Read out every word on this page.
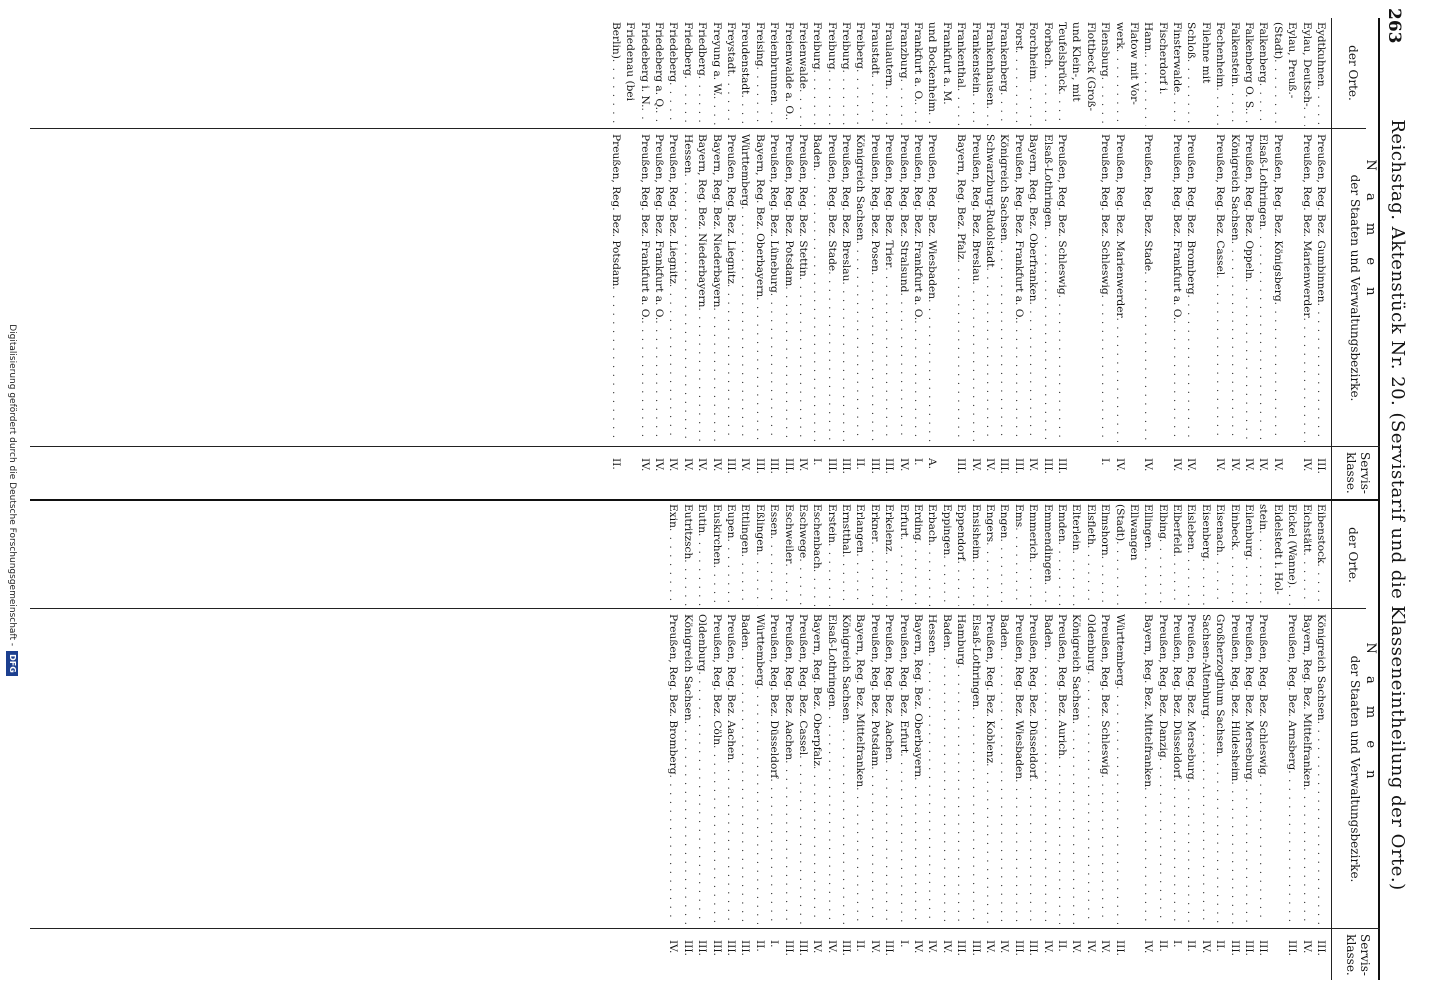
263
Reichstag. Aktenstück Nr. 20. (Servistarif und die Klasseneintheilung der Orte.)
N a m e n
der Orte.
der Staaten und Verwaltungsbezirke.
Servis- klasse.
Eydtkuhnen
. . .
Eylau, Deutsch-
. . .
Eylau, Preuß.-
(Stadt)
. . .
Falkenberg
. . .
Falkenberg O. S.
. . .
Falkenstein
. . .
Fechenheim
. . .
Filehne mit
Schloß
. . .
Finsterwalde
. . .
Fischerdorf i.
Hann.
. . .
Flatow mit Vor-
werk
. . .
Flensburg
. . .
Flottbeck (Groß-
und Klein-, mit
Teufelsbrück
. . .
Forbach
. . .
Forchheim
. . .
Forst
. . .
Frankenberg
. . .
Frankenhausen
. . .
Frankenstein
. . .
Frankenthal
. . .
Frankfurt a. M.
und Bockenheim
. . .
Frankfurt a. O.
. . .
Franzburg
. . .
Fraulautern
. . .
Fraustadt
. . .
Freiberg
. . .
Freiburg
. . .
Freiburg
. . .
Freiburg
. . .
Freienwalde
. . .
Freienwalde a. O.
. . .
Freienbrunnen
. . .
Freising
. . .
Freudenstadt
. . .
Freystadt
. . .
Freyung a. W.
. . .
Friedberg
. . .
Friedberg
. . .
Friedeberg
. . .
Friedeberg a. Q.
. . .
Friedeberg i. N.
. . .
Friedenau (bei
Berlin)
. . .
Preußen, Reg. Bez. Gumbinnen
. . .
Preußen, Reg. Bez. Marienwerder
. . .
Preußen, Reg. Bez. Königsberg
. . .
Elsaß-Lothringen
. . .
Preußen, Reg. Bez. Oppeln
. . .
Königreich Sachsen
. . .
Preußen, Reg. Bez. Cassel
. . .
Preußen, Reg. Bez. Bromberg
. . .
Preußen, Reg. Bez. Frankfurt a. O.
. . .
Preußen, Reg. Bez. Stade
. . .
Preußen, Reg. Bez. Marienwerder
. . .
Preußen, Reg. Bez. Schleswig
. . .
Preußen, Reg. Bez. Schleswig
. . .
Elsaß-Lothringen
. . .
Bayern, Reg. Bez. Oberfranken
. . .
Preußen, Reg. Bez. Frankfurt a. O.
. . .
Königreich Sachsen
. . .
Schwarzburg-Rudolstadt
. . .
Preußen, Reg. Bez. Breslau
. . .
Bayern, Reg. Bez. Pfalz
. . .
Preußen, Reg. Bez. Wiesbaden
. . .
Preußen, Reg. Bez. Frankfurt a. O.
. . .
Preußen, Reg. Bez. Stralsund
. . .
Preußen, Reg. Bez. Trier
. . .
Preußen, Reg. Bez. Posen
. . .
Königreich Sachsen
. . .
Preußen, Reg. Bez. Breslau
. . .
Preußen, Reg. Bez. Stade
. . .
Baden
. . .
Preußen, Reg. Bez. Stettin
. . .
Preußen, Reg. Bez. Potsdam
. . .
Preußen, Reg. Bez. Lüneburg
. . .
Bayern, Reg. Bez. Oberbayern
. . .
Württemberg
. . .
Preußen, Reg. Bez. Liegnitz
. . .
Bayern, Reg. Bez. Niederbayern
. . .
Bayern, Reg. Bez. Niederbayern
. . .
Hessen
. . .
Preußen, Reg. Bez. Liegnitz
. . .
Preußen, Reg. Bez. Frankfurt a. O.
. . .
Preußen, Reg. Bez. Frankfurt a. O.
. . .
Preußen, Reg. Bez. Potsdam
. . .
III.
IV.
IV.
IV.
IV.
IV.
IV.
IV.
IV.
IV.
IV.
I.
III.
III.
IV.
III.
III.
IV.
IV.
III.
A.
I.
IV.
III.
III.
II.
III.
III.
I.
IV.
III.
III.
III.
IV.
III.
IV.
IV.
IV.
IV.
IV.
IV.
II.
N a m e n
der Orte.
der Staaten und Verwaltungsbezirke.
Servis- klasse.
Eibenstock
. . .
Eichstätt
. . .
Eickel (Wanne)
. . .
Eidelstedt i. Hol-
stein
. . .
Eilenburg
. . .
Einbeck
. . .
Eisenach
. . .
Eisenberg
. . .
Eisleben
. . .
Elberfeld
. . .
Elbing
. . .
Ellingen
. . .
Ellwangen
(Stadt)
. . .
Elmshorn
. . .
Elsfleth
. . .
Elterlein
. . .
Emden
. . .
Emmendingen
. . .
Emmerich
. . .
Ems
. . .
Engen
. . .
Engers
. . .
Ensisheim
. . .
Eppendorf
. . .
Eppingen
. . .
Erbach
. . .
Erding
. . .
Erfurt
. . .
Erkelenz
. . .
Erkner
. . .
Erlangen
. . .
Ernstthal
. . .
Erstein
. . .
Eschenbach
. . .
Eschwege
. . .
Eschweiler
. . .
Essen
. . .
Eßlingen
. . .
Ettlingen
. . .
Eupen
. . .
Euskirchen
. . .
Eutin
. . .
Eutritzsch
. . .
Exin
. . .
Königreich Sachsen
. . .
Bayern, Reg. Bez. Mittelfranken
. . .
Preußen, Reg. Bez. Arnsberg
. . .
Preußen, Reg. Bez. Schleswig
. . .
Preußen, Reg. Bez. Merseburg
. . .
Preußen, Reg. Bez. Hildesheim
. . .
Großherzogthum Sachsen
. . .
Sachsen-Altenburg
. . .
Preußen, Reg. Bez. Merseburg
. . .
Preußen, Reg. Bez. Düsseldorf
. . .
Preußen, Reg. Bez. Danzig
. . .
Bayern, Reg. Bez. Mittelfranken
. . .
Württemberg
. . .
Preußen, Reg. Bez. Schleswig
. . .
Oldenburg
. . .
Königreich Sachsen
. . .
Preußen, Reg. Bez. Aurich
. . .
Baden
. . .
Preußen, Reg. Bez. Düsseldorf
. . .
Preußen, Reg. Bez. Wiesbaden
. . .
Baden
. . .
Preußen, Reg. Bez. Koblenz
. . .
Elsaß-Lothringen
. . .
Hamburg
. . .
Baden
. . .
Hessen
. . .
Bayern, Reg. Bez. Oberbayern
. . .
Preußen, Reg. Bez. Erfurt
. . .
Preußen, Reg. Bez. Aachen
. . .
Preußen, Reg. Bez. Potsdam
. . .
Bayern, Reg. Bez. Mittelfranken
. . .
Königreich Sachsen
. . .
Elsaß-Lothringen
. . .
Bayern, Reg. Bez. Oberpfalz
. . .
Preußen, Reg. Bez. Cassel
. . .
Preußen, Reg. Bez. Aachen
. . .
Preußen, Reg. Bez. Düsseldorf
. . .
Württemberg
. . .
Baden
. . .
Preußen, Reg. Bez. Aachen
. . .
Preußen, Reg. Bez. Cöln
. . .
Oldenburg
. . .
Königreich Sachsen
. . .
Preußen, Reg. Bez. Bromberg
. . .
III.
IV.
III.
III.
III.
III.
II.
IV.
II.
I.
II.
IV.
III.
IV.
IV.
IV.
II.
IV.
III.
III.
IV.
IV.
III.
III.
IV.
IV.
IV.
I.
III.
IV.
II.
III.
IV.
IV.
III.
III.
I.
II.
III.
III.
III.
III.
III.
IV.
Digitalisierung gefördert durch die Deutsche Forschungsgemeinschaft -
DFG
